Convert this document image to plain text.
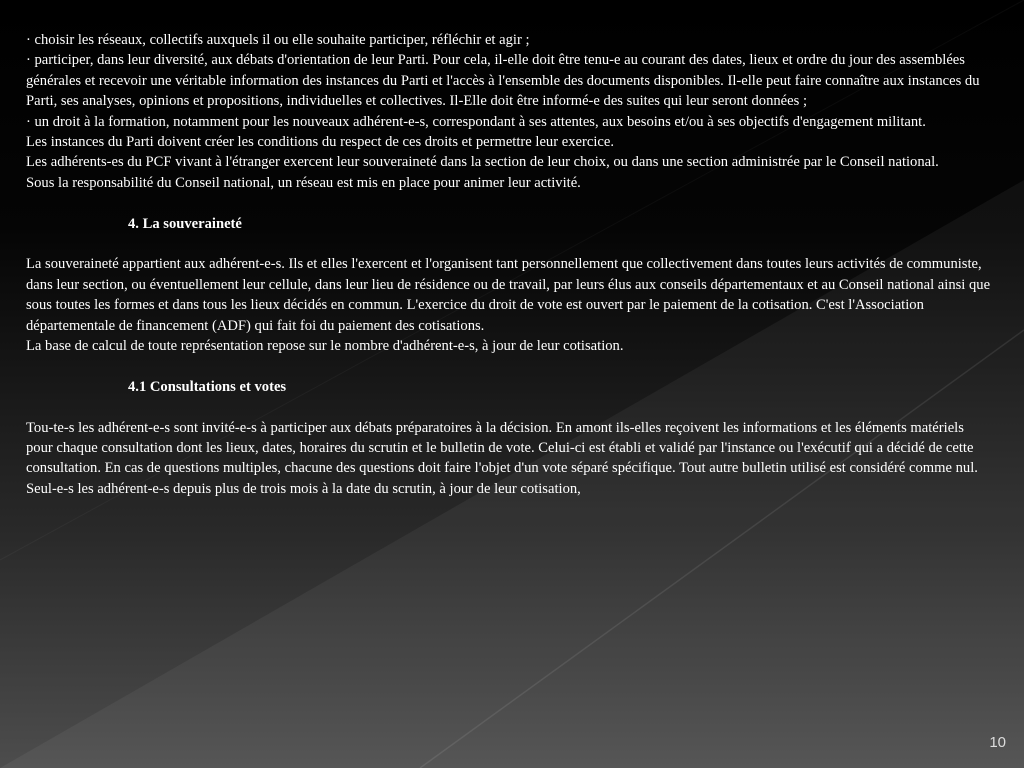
· choisir les réseaux, collectifs auxquels il ou elle souhaite participer, réfléchir et agir ;

· participer, dans leur diversité, aux débats d'orientation de leur Parti. Pour cela, il-elle doit être tenu-e au courant des dates, lieux et ordre du jour des assemblées générales et recevoir une véritable information des instances du Parti et l'accès à l'ensemble des documents disponibles. Il-elle peut faire connaître aux instances du Parti, ses analyses, opinions et propositions, individuelles et collectives. Il-Elle doit être informé-e des suites qui leur seront données ;

· un droit à la formation, notamment pour les nouveaux adhérent-e-s, correspondant à ses attentes, aux besoins et/ou à ses objectifs d'engagement militant.

Les instances du Parti doivent créer les conditions du respect de ces droits et permettre leur exercice.

Les adhérents-es du PCF vivant à l'étranger exercent leur souveraineté dans la section de leur choix, ou dans une section administrée par le Conseil national.

Sous la responsabilité du Conseil national, un réseau est mis en place pour animer leur activité.

4. La souveraineté

La souveraineté appartient aux adhérent-e-s. Ils et elles l'exercent et l'organisent tant personnellement que collectivement dans toutes leurs activités de communiste, dans leur section, ou éventuellement leur cellule, dans leur lieu de résidence ou de travail, par leurs élus aux conseils départementaux et au Conseil national ainsi que sous toutes les formes et dans tous les lieux décidés en commun. L'exercice du droit de vote est ouvert par le paiement de la cotisation. C'est l'Association départementale de financement (ADF) qui fait foi du paiement des cotisations.

La base de calcul de toute représentation repose sur le nombre d'adhérent-e-s, à jour de leur cotisation.

4.1 Consultations et votes

Tou-te-s les adhérent-e-s sont invité-e-s à participer aux débats préparatoires à la décision. En amont ils-elles reçoivent les informations et les éléments matériels pour chaque consultation dont les lieux, dates, horaires du scrutin et le bulletin de vote. Celui-ci est établi et validé par l'instance ou l'exécutif qui a décidé de cette consultation. En cas de questions multiples, chacune des questions doit faire l'objet d'un vote séparé spécifique. Tout autre bulletin utilisé est considéré comme nul.

Seul-e-s les adhérent-e-s depuis plus de trois mois à la date du scrutin, à jour de leur cotisation,

10
